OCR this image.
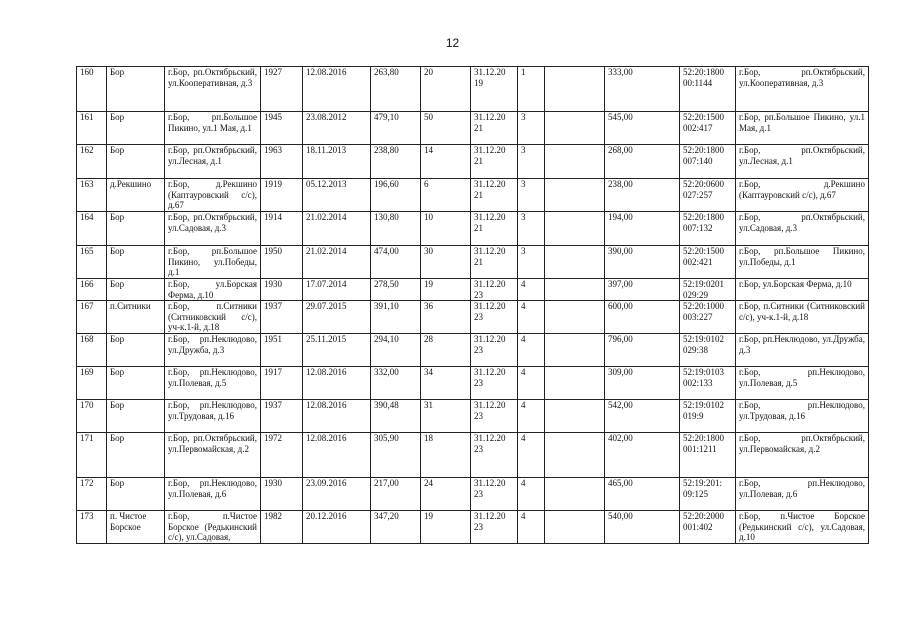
12
160	Бор	г.Бор, рп.Октябрьский, ул.Кооперативная, д.3	1927	12.08.2016	263,80	20	31.12.20 19	1		333,00	52:20:1800 00:1144	г.Бор, рп.Октябрьский, ул.Кооперативная, д.3
161	Бор	г.Бор, рп.Большое Пикино, ул.1 Мая, д.1	1945	23.08.2012	479,10	50	31.12.20 21	3		545,00	52:20:1500 002:417	г.Бор, рп.Большое Пикино, ул.1 Мая, д.1
162	Бор	г.Бор, рп.Октябрьский, ул.Лесная, д.1	1963	18.11.2013	238,80	14	31.12.20 21	3		268,00	52:20:1800 007:140	г.Бор, рп.Октябрьский, ул.Лесная, д.1
163	д.Рекшино	г.Бор, д.Рекшино (Каптауровский с/с), д.67	1919	05.12.2013	196,60	6	31.12.20 21	3		238,00	52:20:0600 027:257	г.Бор, д.Рекшино (Каптауровский с/с), д.67
164	Бор	г.Бор, рп.Октябрьский, ул.Садовая, д.3	1914	21.02.2014	130,80	10	31.12.20 21	3		194,00	52:20:1800 007:132	г.Бор, рп.Октябрьский, ул.Садовая, д.3
165	Бор	г.Бор, рп.Большое Пикино, ул.Победы, д.1	1950	21.02.2014	474,00	30	31.12.20 21	3		390,00	52:20:1500 002:421	г.Бор, рп.Большое Пикино, ул.Победы, д.1
166	Бор	г.Бор, ул.Борская Ферма, д.10	1930	17.07.2014	278,50	19	31.12.20 23	4		397,00	52:19:0201 029:29	г.Бор, ул.Борская Ферма, д.10
167	п.Ситники	г.Бор, п.Ситники (Ситниковский с/с), уч-к.1-й, д.18	1937	29.07.2015	391,10	36	31.12.20 23	4		600,00	52:20:1000 003:227	г.Бор, п.Ситники (Ситниковский с/с), уч-к.1-й, д.18
168	Бор	г.Бор, рп.Неклюдово, ул.Дружба, д.3	1951	25.11.2015	294,10	28	31.12.20 23	4		796,00	52:19:0102 029:38	г.Бор, рп.Неклюдово, ул.Дружба, д.3
169	Бор	г.Бор, рп.Неклюдово, ул.Полевая, д.5	1917	12.08.2016	332,00	34	31.12.20 23	4		309,00	52:19:0103 002:133	г.Бор, рп.Неклюдово, ул.Полевая, д.5
170	Бор	г.Бор, рп.Неклюдово, ул.Трудовая, д.16	1937	12.08.2016	390,48	31	31.12.20 23	4		542,00	52:19:0102 019:9	г.Бор, рп.Неклюдово, ул.Трудовая, д.16
171	Бор	г.Бор, рп.Октябрьский, ул.Первомайская, д.2	1972	12.08.2016	305,90	18	31.12.20 23	4		402,00	52:20:1800 001:1211	г.Бор, рп.Октябрьский, ул.Первомайская, д.2
172	Бор	г.Бор, рп.Неклюдово, ул.Полевая, д.6	1930	23.09.2016	217,00	24	31.12.20 23	4		465,00	52:19:201: 09:125	г.Бор, рп.Неклюдово, ул.Полевая, д.6
173	п. Чистое Борское	г.Бор, п.Чистое Борское (Редькинский с/с), ул.Садовая,	1982	20.12.2016	347,20	19	31.12.20 23	4		540,00	52:20:2000 001:402	г.Бор, п.Чистое Борское (Редькинский с/с), ул.Садовая, д.10
